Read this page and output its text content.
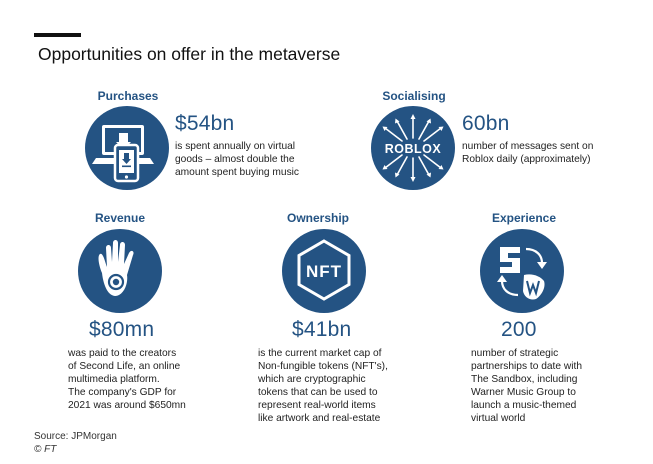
Opportunities on offer in the metaverse
Purchases
$54bn
is spent annually on virtual
goods – almost double the
amount spent buying music
Socialising
ROBLOX
60bn
number of messages sent on
Roblox daily (approximately)
Revenue
$80mn
was paid to the creators
of Second Life, an online
multimedia platform.
The company's GDP for
2021 was around $650mn
Ownership
NFT
$41bn
is the current market cap of
Non-fungible tokens (NFT's),
which are cryptographic
tokens that can be used to
represent real-world items
like artwork and real-estate
Experience
200
number of strategic
partnerships to date with
The Sandbox, including
Warner Music Group to
launch a music-themed
virtual world
Source: JPMorgan
© FT
